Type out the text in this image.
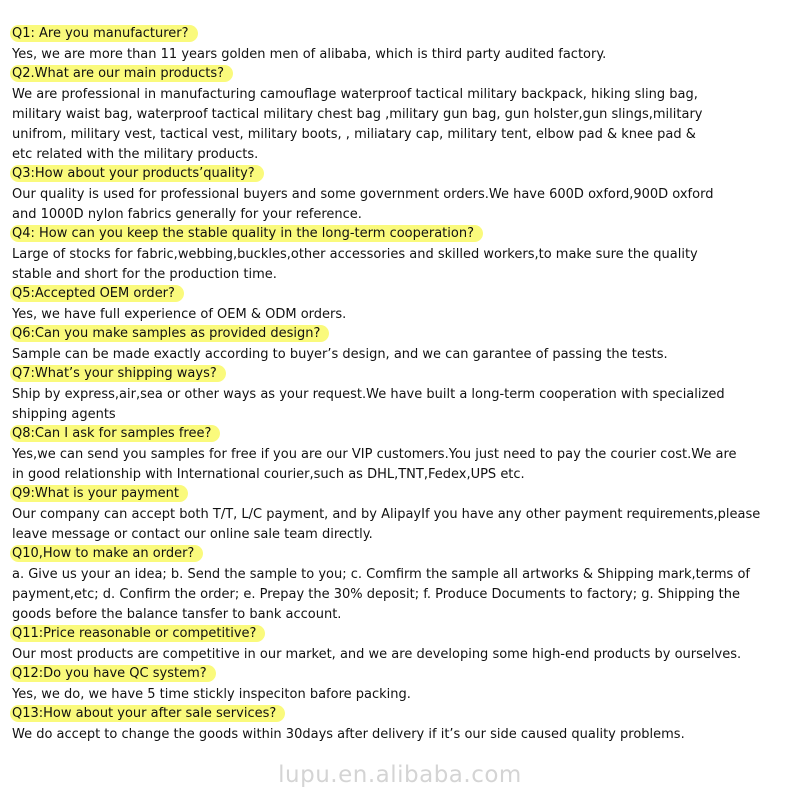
Q1: Are you manufacturer?
Yes, we are more than 11 years golden men of alibaba, which is third party audited factory.
Q2.What are our main products?
We are professional in manufacturing camouflage waterproof tactical military backpack, hiking sling bag,
military waist bag, waterproof tactical military chest bag ,military gun bag, gun holster,gun slings,military
unifrom, military vest, tactical vest, military boots, , miliatary cap, military tent, elbow pad & knee pad &
etc related with the military products.
Q3:How about your products’quality?
Our quality is used for professional buyers and some government orders.We have 600D oxford,900D oxford
and 1000D nylon fabrics generally for your reference.
Q4: How can you keep the stable quality in the long-term cooperation?
Large of stocks for fabric,webbing,buckles,other accessories and skilled workers,to make sure the quality
stable and short for the production time.
Q5:Accepted OEM order?
Yes, we have full experience of OEM & ODM orders.
Q6:Can you make samples as provided design?
Sample can be made exactly according to buyer’s design, and we can garantee of passing the tests.
Q7:What’s your shipping ways?
Ship by express,air,sea or other ways as your request.We have built a long-term cooperation with specialized
shipping agents
Q8:Can I ask for samples free?
Yes,we can send you samples for free if you are our VIP customers.You just need to pay the courier cost.We are
in good relationship with International courier,such as DHL,TNT,Fedex,UPS etc.
Q9:What is your payment
Our company can accept both T/T, L/C payment, and by AlipayIf you have any other payment requirements,please
leave message or contact our online sale team directly.
Q10,How to make an order?
a. Give us your an idea; b. Send the sample to you; c. Comfirm the sample all artworks & Shipping mark,terms of
payment,etc; d. Confirm the order; e. Prepay the 30% deposit; f. Produce Documents to factory; g. Shipping the
goods before the balance tansfer to bank account.
Q11:Price reasonable or competitive?
Our most products are competitive in our market, and we are developing some high-end products by ourselves.
Q12:Do you have QC system?
Yes, we do, we have 5 time stickly inspeciton bafore packing.
Q13:How about your after sale services?
We do accept to change the goods within 30days after delivery if it’s our side caused quality problems.
lupu.en.alibaba.com
